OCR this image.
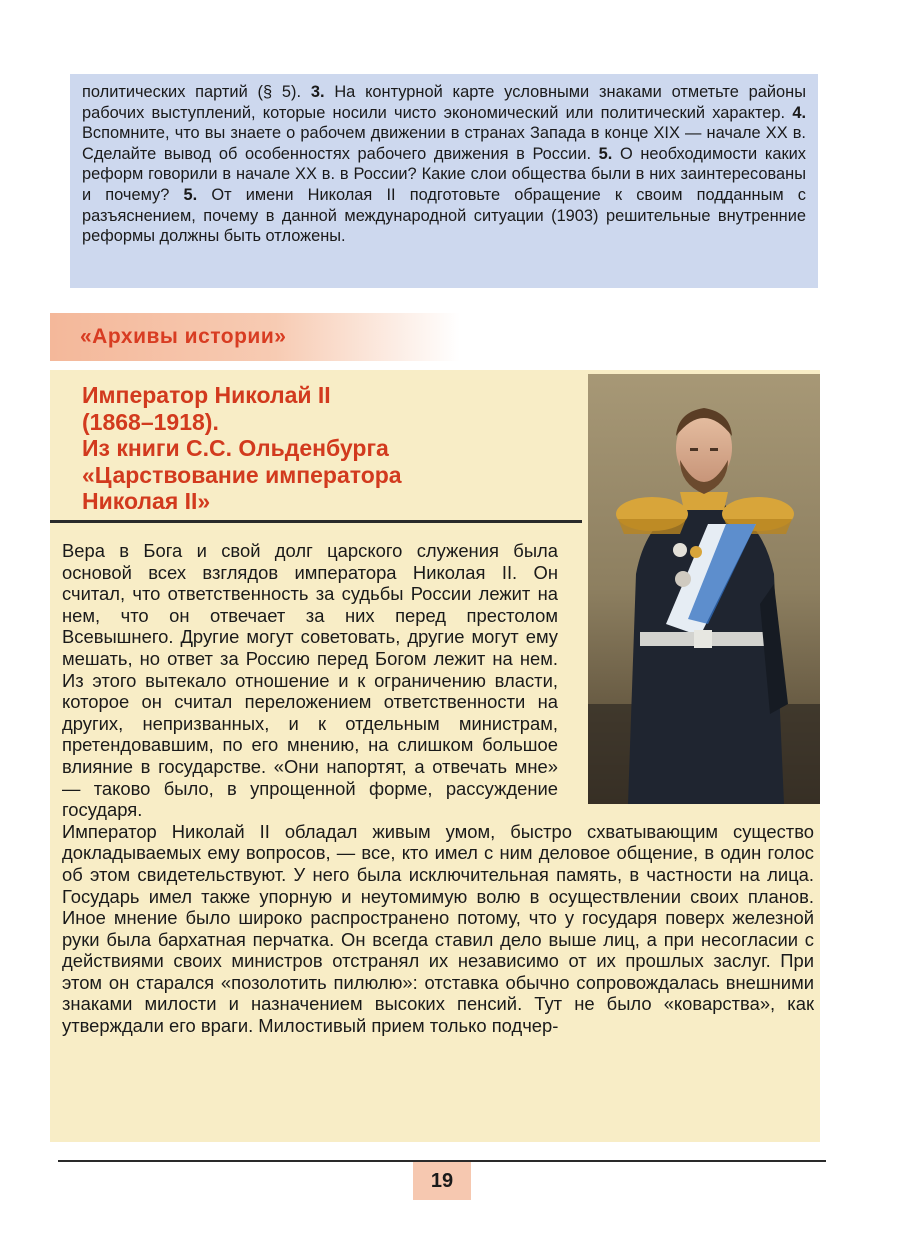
политических партий (§ 5). 3. На контурной карте условными знаками отметьте районы рабочих выступлений, которые носили чисто экономический или политический характер. 4. Вспомните, что вы знаете о рабочем движении в странах Запада в конце XIX — начале XX в. Сделайте вывод об особенностях рабочего движения в России. 5. О необходимости каких реформ говорили в начале XX в. в России? Какие слои общества были в них заинтересованы и почему? 5. От имени Николая II подготовьте обращение к своим подданным с разъяснением, почему в данной международной ситуации (1903) решительные внутренние реформы должны быть отложены.

«Архивы истории»
Император Николай II
(1868–1918).
Из книги С.С. Ольденбурга
«Царствование императора
Николая II»

Вера в Бога и свой долг царского служения была основой всех взглядов императора Николая II. Он считал, что ответственность за судьбы России лежит на нем, что он отвечает за них перед престолом Всевышнего. Другие могут советовать, другие могут ему мешать, но ответ за Россию перед Богом лежит на нем. Из этого вытекало отношение и к ограничению власти, которое он считал переложением ответственности на других, непризванных, и к отдельным министрам, претендовавшим, по его мнению, на слишком большое влияние в государстве. «Они напортят, а отвечать мне» — таково было, в упрощенной форме, рассуждение государя.

Император Николай II обладал живым умом, быстро схватывающим существо докладываемых ему вопросов, — все, кто имел с ним деловое общение, в один голос об этом свидетельствуют. У него была исключительная память, в частности на лица. Государь имел также упорную и неутомимую волю в осуществлении своих планов. Иное мнение было широко распространено потому, что у государя поверх железной руки была бархатная перчатка. Он всегда ставил дело выше лиц, а при несогласии с действиями своих министров отстранял их независимо от их прошлых заслуг. При этом он старался «позолотить пилюлю»: отставка обычно сопровождалась внешними знаками милости и назначением высоких пенсий. Тут не было «коварства», как утверждали его враги. Милостивый прием только подчер-

19
